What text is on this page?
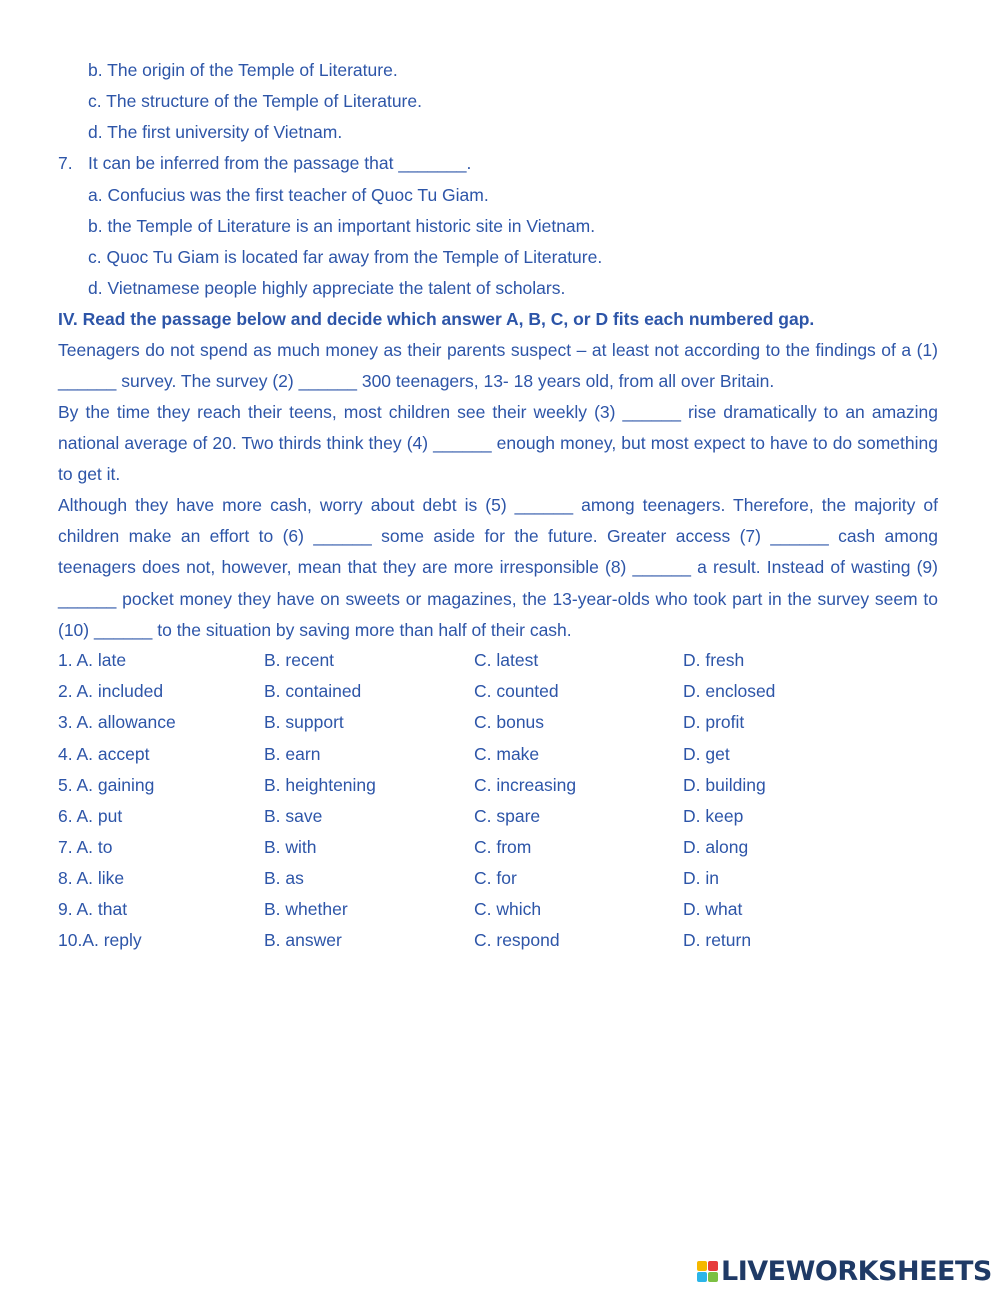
b. The origin of the Temple of Literature.
c. The structure of the Temple of Literature.
d. The first university of Vietnam.
7. It can be inferred from the passage that _______.
a. Confucius was the first teacher of Quoc Tu Giam.
b. the Temple of Literature is an important historic site in Vietnam.
c. Quoc Tu Giam is located far away from the Temple of Literature.
d. Vietnamese people highly appreciate the talent of scholars.
IV. Read the passage below and decide which answer A, B, C, or D fits each numbered gap.

Teenagers do not spend as much money as their parents suspect – at least not according to the findings of a (1) ______ survey. The survey (2) ______ 300 teenagers, 13- 18 years old, from all over Britain.

By the time they reach their teens, most children see their weekly (3) ______ rise dramatically to an amazing national average of 20. Two thirds think they (4) ______ enough money, but most expect to have to do something to get it.

Although they have more cash, worry about debt is (5) ______ among teenagers. Therefore, the majority of children make an effort to (6) ______ some aside for the future. Greater access (7) ______ cash among teenagers does not, however, mean that they are more irresponsible (8) ______ a result. Instead of wasting (9) ______ pocket money they have on sweets or magazines, the 13-year-olds who took part in the survey seem to (10) ______ to the situation by saving more than half of their cash.

1. A. late	B. recent	C. latest	D. fresh
2. A. included	B. contained	C. counted	D. enclosed
3. A. allowance	B. support	C. bonus	D. profit
4. A. accept	B. earn	C. make	D. get
5. A. gaining	B. heightening	C. increasing	D. building
6. A. put	B. save	C. spare	D. keep
7. A. to	B. with	C. from	D. along
8. A. like	B. as	C. for	D. in
9. A. that	B. whether	C. which	D. what
10.A. reply	B. answer	C. respond	D. return
LIVEWORKSHEETS
